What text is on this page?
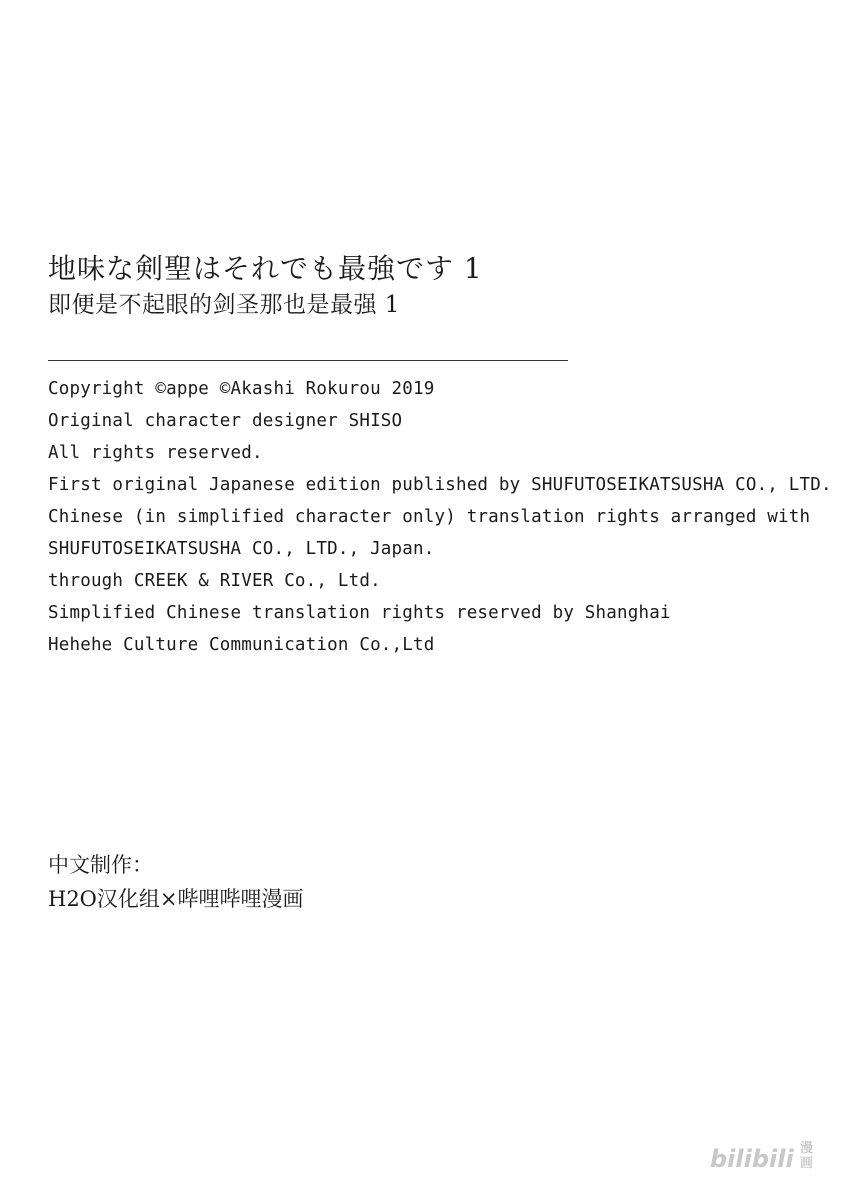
地味な剣聖はそれでも最強です 1
即便是不起眼的剑圣那也是最强 1
Copyright ©appe ©Akashi Rokurou 2019
Original character designer SHISO
All rights reserved.
First original Japanese edition published by SHUFUTOSEIKATSUSHA CO., LTD.
Chinese (in simplified character only) translation rights arranged with
SHUFUTOSEIKATSUSHA CO., LTD., Japan.
through CREEK & RIVER Co., Ltd.
Simplified Chinese translation rights reserved by Shanghai
Hehehe Culture Communication Co.,Ltd
中文制作：
H2O汉化组×哔哩哔哩漫画
bilibili 漫画
